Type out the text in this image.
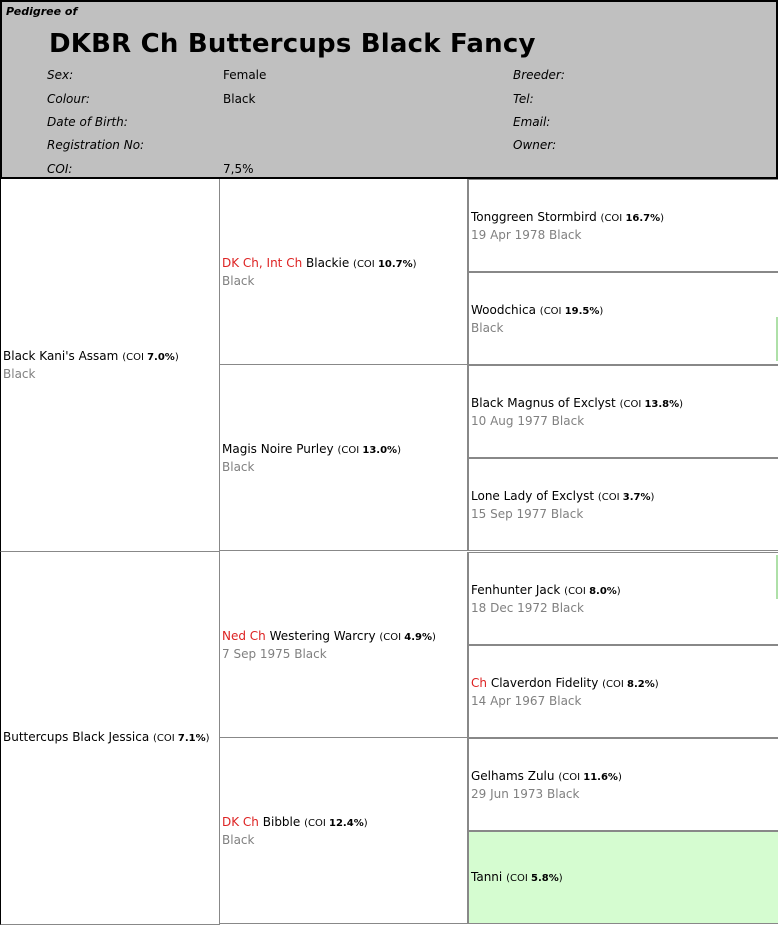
Pedigree of
DKBR Ch Buttercups Black Fancy
Sex:	Female
Colour:	Black
Date of Birth:
Registration No:
COI:	7,5%
Breeder:
Tel:
Email:
Owner:
Black Kani's Assam (COI 7.0%)
Black
Buttercups Black Jessica (COI 7.1%)
DK Ch, Int Ch Blackie (COI 10.7%)
Black
Magis Noire Purley (COI 13.0%)
Black
Ned Ch Westering Warcry (COI 4.9%)
7 Sep 1975 Black
DK Ch Bibble (COI 12.4%)
Black
Tonggreen Stormbird (COI 16.7%)
19 Apr 1978 Black
Woodchica (COI 19.5%)
Black
Black Magnus of Exclyst (COI 13.8%)
10 Aug 1977 Black
Lone Lady of Exclyst (COI 3.7%)
15 Sep 1977 Black
Fenhunter Jack (COI 8.0%)
18 Dec 1972 Black
Ch Claverdon Fidelity (COI 8.2%)
14 Apr 1967 Black
Gelhams Zulu (COI 11.6%)
29 Jun 1973 Black
Tanni (COI 5.8%)
